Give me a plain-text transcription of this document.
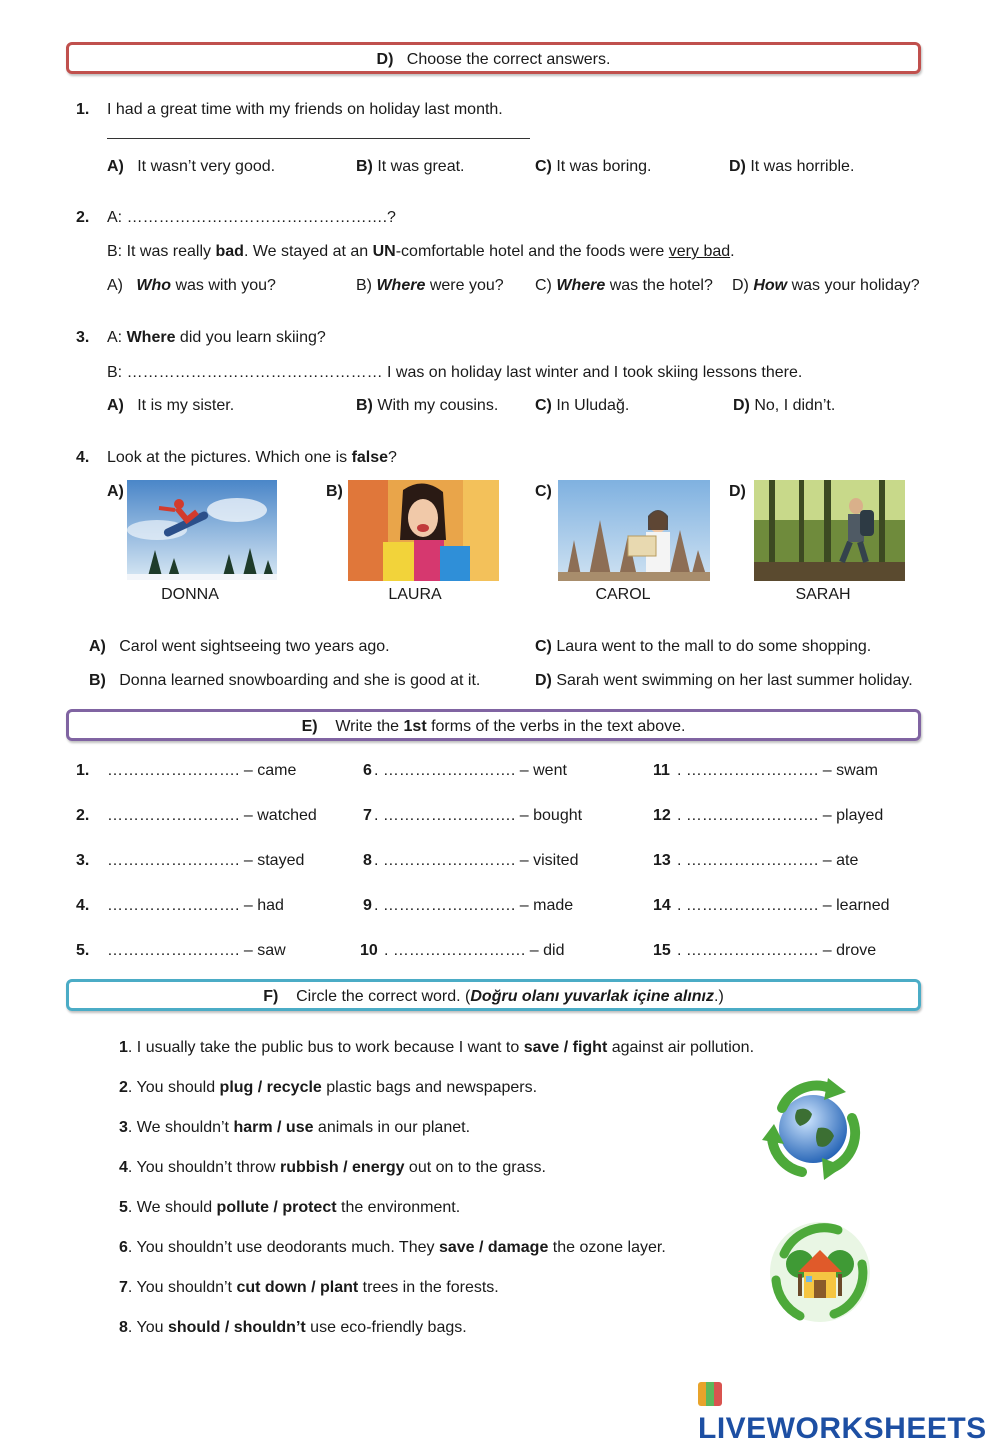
D) Choose the correct answers.
1. I had a great time with my friends on holiday last month.
A) It wasn’t very good.	B) It was great.	C) It was boring.	D) It was horrible.
2. A: ………………………………………….?
B: It was really bad. We stayed at an UN-comfortable hotel and the foods were very bad.
A) Who was with you?	B) Where were you? C) Where was the hotel? D) How was your holiday?
3. A: Where did you learn skiing?
B: ………………………………………… I was on holiday last winter and I took skiing lessons there.
A) It is my sister.	B) With my cousins. C) In Uludağ.	D) No, I didn’t.
4. Look at the pictures. Which one is false?
A)
DONNA
B)
LAURA
C)
CAROL
D)
SARAH
A) Carol went sightseeing two years ago.
B) Donna learned snowboarding and she is good at it.
C) Laura went to the mall to do some shopping.
D) Sarah went swimming on her last summer holiday.
E) Write the 1st forms of the verbs in the text above.
1. ……………………. – came
2. ……………………. – watched
3. ……………………. – stayed
4. ……………………. – had
5. ……………………. – saw
6 . ……………………. – went
7 . ……………………. – bought
8 . ……………………. – visited
9 . ……………………. – made
10 . ……………………. – did
11 . ……………………. – swam
12 . ……………………. – played
13 . ……………………. – ate
14 . ……………………. – learned
15 . ……………………. – drove
F) Circle the correct word. (Doğru olanı yuvarlak içine alınız.)
1. I usually take the public bus to work because I want to save / fight against air pollution.
2. You should plug / recycle plastic bags and newspapers.
3. We shouldn’t harm / use animals in our planet.
4. You shouldn’t throw rubbish / energy out on to the grass.
5. We should pollute / protect the environment.
6. You shouldn’t use deodorants much. They save / damage the ozone layer.
7. You shouldn’t cut down / plant trees in the forests.
8. You should / shouldn’t use eco-friendly bags.
LIVEWORKSHEETS
